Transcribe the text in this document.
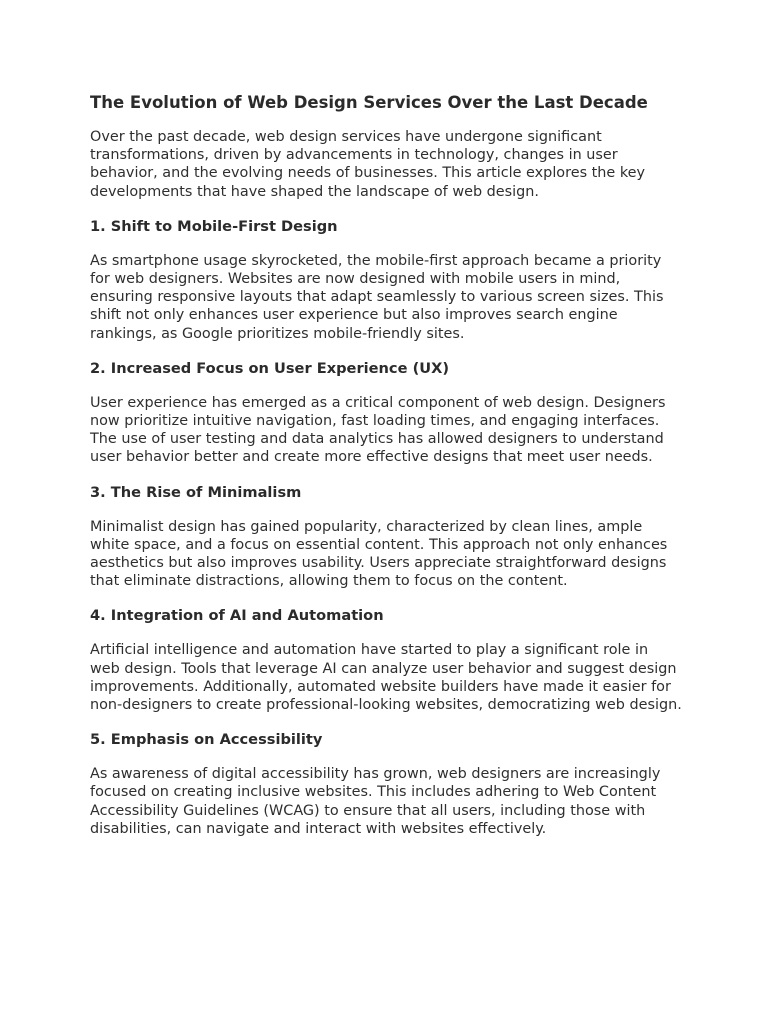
The Evolution of Web Design Services Over the Last Decade

Over the past decade, web design services have undergone significant transformations, driven by advancements in technology, changes in user behavior, and the evolving needs of businesses. This article explores the key developments that have shaped the landscape of web design.

1. Shift to Mobile-First Design

As smartphone usage skyrocketed, the mobile-first approach became a priority for web designers. Websites are now designed with mobile users in mind, ensuring responsive layouts that adapt seamlessly to various screen sizes. This shift not only enhances user experience but also improves search engine rankings, as Google prioritizes mobile-friendly sites.

2. Increased Focus on User Experience (UX)

User experience has emerged as a critical component of web design. Designers now prioritize intuitive navigation, fast loading times, and engaging interfaces. The use of user testing and data analytics has allowed designers to understand user behavior better and create more effective designs that meet user needs.

3. The Rise of Minimalism

Minimalist design has gained popularity, characterized by clean lines, ample white space, and a focus on essential content. This approach not only enhances aesthetics but also improves usability. Users appreciate straightforward designs that eliminate distractions, allowing them to focus on the content.

4. Integration of AI and Automation

Artificial intelligence and automation have started to play a significant role in web design. Tools that leverage AI can analyze user behavior and suggest design improvements. Additionally, automated website builders have made it easier for non-designers to create professional-looking websites, democratizing web design.

5. Emphasis on Accessibility

As awareness of digital accessibility has grown, web designers are increasingly focused on creating inclusive websites. This includes adhering to Web Content Accessibility Guidelines (WCAG) to ensure that all users, including those with disabilities, can navigate and interact with websites effectively.
